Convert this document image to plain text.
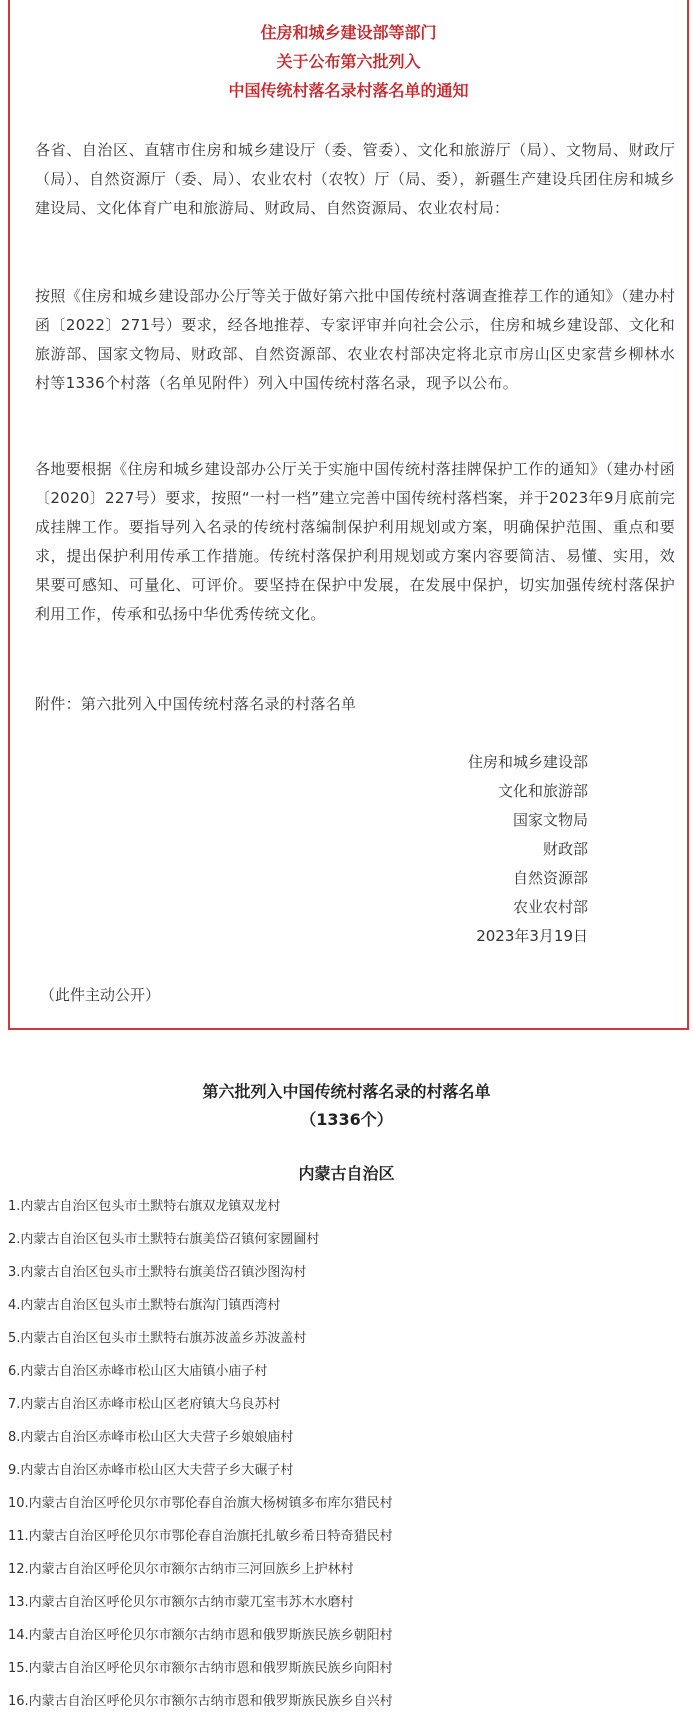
住房和城乡建设部等部门
关于公布第六批列入
中国传统村落名录村落名单的通知

各省、自治区、直辖市住房和城乡建设厅（委、管委）、文化和旅游厅（局）、文物局、财政厅（局）、自然资源厅（委、局）、农业农村（农牧）厅（局、委），新疆生产建设兵团住房和城乡建设局、文化体育广电和旅游局、财政局、自然资源局、农业农村局：

按照《住房和城乡建设部办公厅等关于做好第六批中国传统村落调查推荐工作的通知》（建办村函〔2022〕271号）要求，经各地推荐、专家评审并向社会公示，住房和城乡建设部、文化和旅游部、国家文物局、财政部、自然资源部、农业农村部决定将北京市房山区史家营乡柳林水村等1336个村落（名单见附件）列入中国传统村落名录，现予以公布。

各地要根据《住房和城乡建设部办公厅关于实施中国传统村落挂牌保护工作的通知》（建办村函〔2020〕227号）要求，按照“一村一档”建立完善中国传统村落档案，并于2023年9月底前完成挂牌工作。要指导列入名录的传统村落编制保护利用规划或方案，明确保护范围、重点和要求，提出保护利用传承工作措施。传统村落保护利用规划或方案内容要简洁、易懂、实用，效果要可感知、可量化、可评价。要坚持在保护中发展，在发展中保护，切实加强传统村落保护利用工作，传承和弘扬中华优秀传统文化。

附件：第六批列入中国传统村落名录的村落名单

住房和城乡建设部
文化和旅游部
国家文物局
财政部
自然资源部
农业农村部
2023年3月19日
（此件主动公开）
第六批列入中国传统村落名录的村落名单
（1336个）
内蒙古自治区
1.内蒙古自治区包头市土默特右旗双龙镇双龙村
2.内蒙古自治区包头市土默特右旗美岱召镇何家圐圙村
3.内蒙古自治区包头市土默特右旗美岱召镇沙图沟村
4.内蒙古自治区包头市土默特右旗沟门镇西湾村
5.内蒙古自治区包头市土默特右旗苏波盖乡苏波盖村
6.内蒙古自治区赤峰市松山区大庙镇小庙子村
7.内蒙古自治区赤峰市松山区老府镇大乌良苏村
8.内蒙古自治区赤峰市松山区大夫营子乡娘娘庙村
9.内蒙古自治区赤峰市松山区大夫营子乡大碾子村
10.内蒙古自治区呼伦贝尔市鄂伦春自治旗大杨树镇多布库尔猎民村
11.内蒙古自治区呼伦贝尔市鄂伦春自治旗托扎敏乡希日特奇猎民村
12.内蒙古自治区呼伦贝尔市额尔古纳市三河回族乡上护林村
13.内蒙古自治区呼伦贝尔市额尔古纳市蒙兀室韦苏木水磨村
14.内蒙古自治区呼伦贝尔市额尔古纳市恩和俄罗斯族民族乡朝阳村
15.内蒙古自治区呼伦贝尔市额尔古纳市恩和俄罗斯族民族乡向阳村
16.内蒙古自治区呼伦贝尔市额尔古纳市恩和俄罗斯族民族乡自兴村
